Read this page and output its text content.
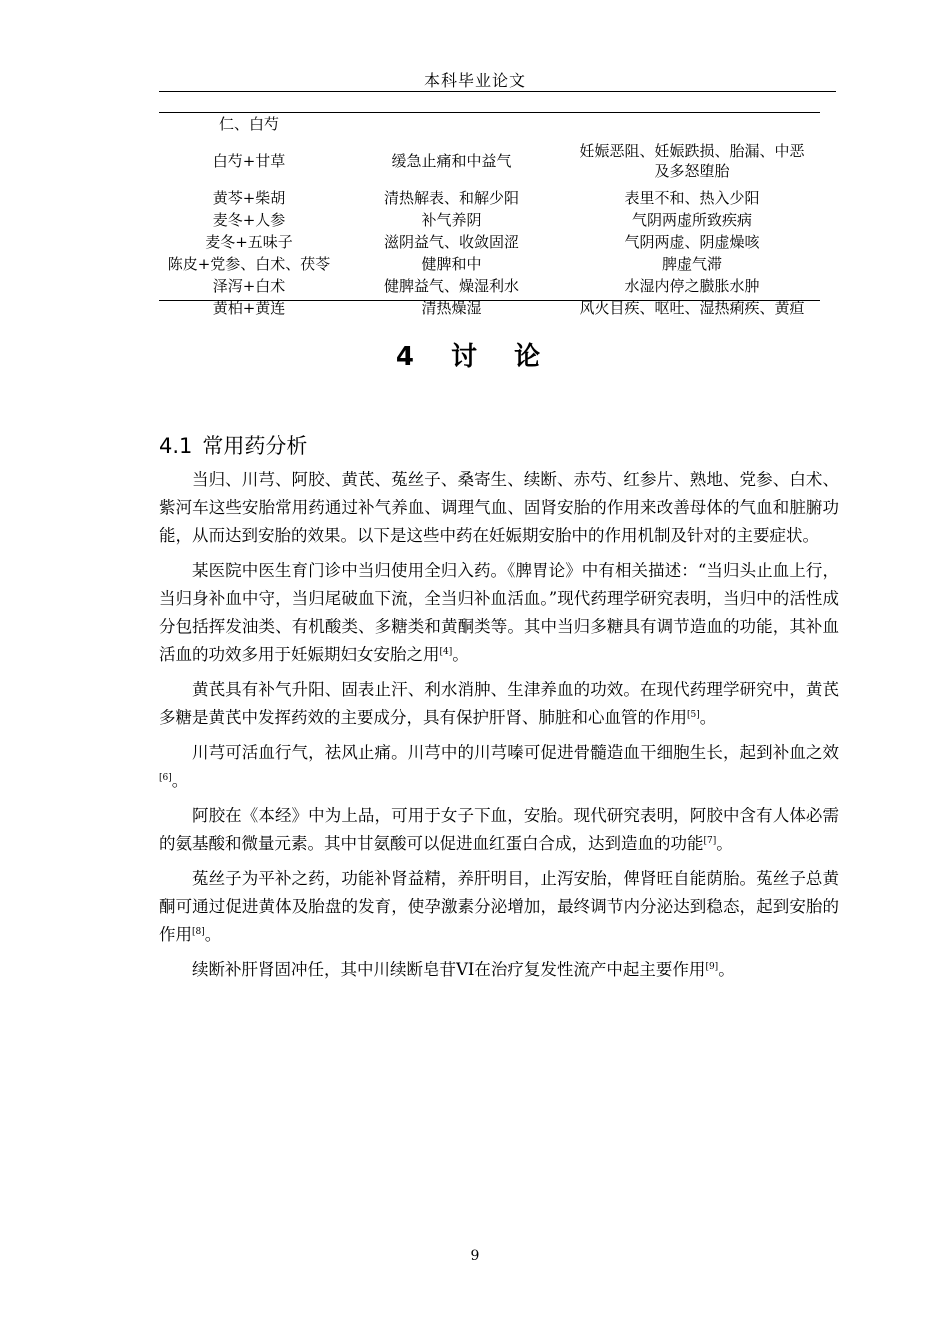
本科毕业论文
仁、白芍		
白芍+甘草	缓急止痛和中益气	妊娠恶阻、妊娠跌损、胎漏、中恶
及多怒堕胎
黄芩+柴胡	清热解表、和解少阳	表里不和、热入少阳
麦冬+人参	补气养阴	气阴两虚所致疾病
麦冬+五味子	滋阴益气、收敛固涩	气阴两虚、阴虚燥咳
陈皮+党参、白术、茯苓	健脾和中	脾虚气滞
泽泻+白术	健脾益气、燥湿利水	水湿内停之臌胀水肿
黄柏+黄连	清热燥湿	风火目疾、呕吐、湿热痢疾、黄疸
4 讨 论
4.1 常用药分析

当归、川芎、阿胶、黄芪、菟丝子、桑寄生、续断、赤芍、红参片、熟地、党参、白术、紫河车这些安胎常用药通过补气养血、调理气血、固肾安胎的作用来改善母体的气血和脏腑功能，从而达到安胎的效果。以下是这些中药在妊娠期安胎中的作用机制及针对的主要症状。

某医院中医生育门诊中当归使用全归入药。《脾胃论》中有相关描述：“当归头止血上行， 当归身补血中守，当归尾破血下流，全当归补血活血。”现代药理学研究表明，当归中的活性成分包括挥发油类、有机酸类、多糖类和黄酮类等。其中当归多糖具有调节造血的功能，其补血活血的功效多用于妊娠期妇女安胎之用[4]。

黄芪具有补气升阳、固表止汗、利水消肿、生津养血的功效。在现代药理学研究中，黄芪多糖是黄芪中发挥药效的主要成分，具有保护肝肾、肺脏和心血管的作用[5]。

川芎可活血行气，祛风止痛。川芎中的川芎嗪可促进骨髓造血干细胞生长，起到补血之效[6]。

阿胶在《本经》中为上品，可用于女子下血，安胎。现代研究表明，阿胶中含有人体必需的氨基酸和微量元素。其中甘氨酸可以促进血红蛋白合成，达到造血的功能[7]。

菟丝子为平补之药，功能补肾益精，养肝明目，止泻安胎，俾肾旺自能荫胎。菟丝子总黄酮可通过促进黄体及胎盘的发育，使孕激素分泌增加，最终调节内分泌达到稳态，起到安胎的作用[8]。

续断补肝肾固冲任，其中川续断皂苷VI在治疗复发性流产中起主要作用[9]。

9
